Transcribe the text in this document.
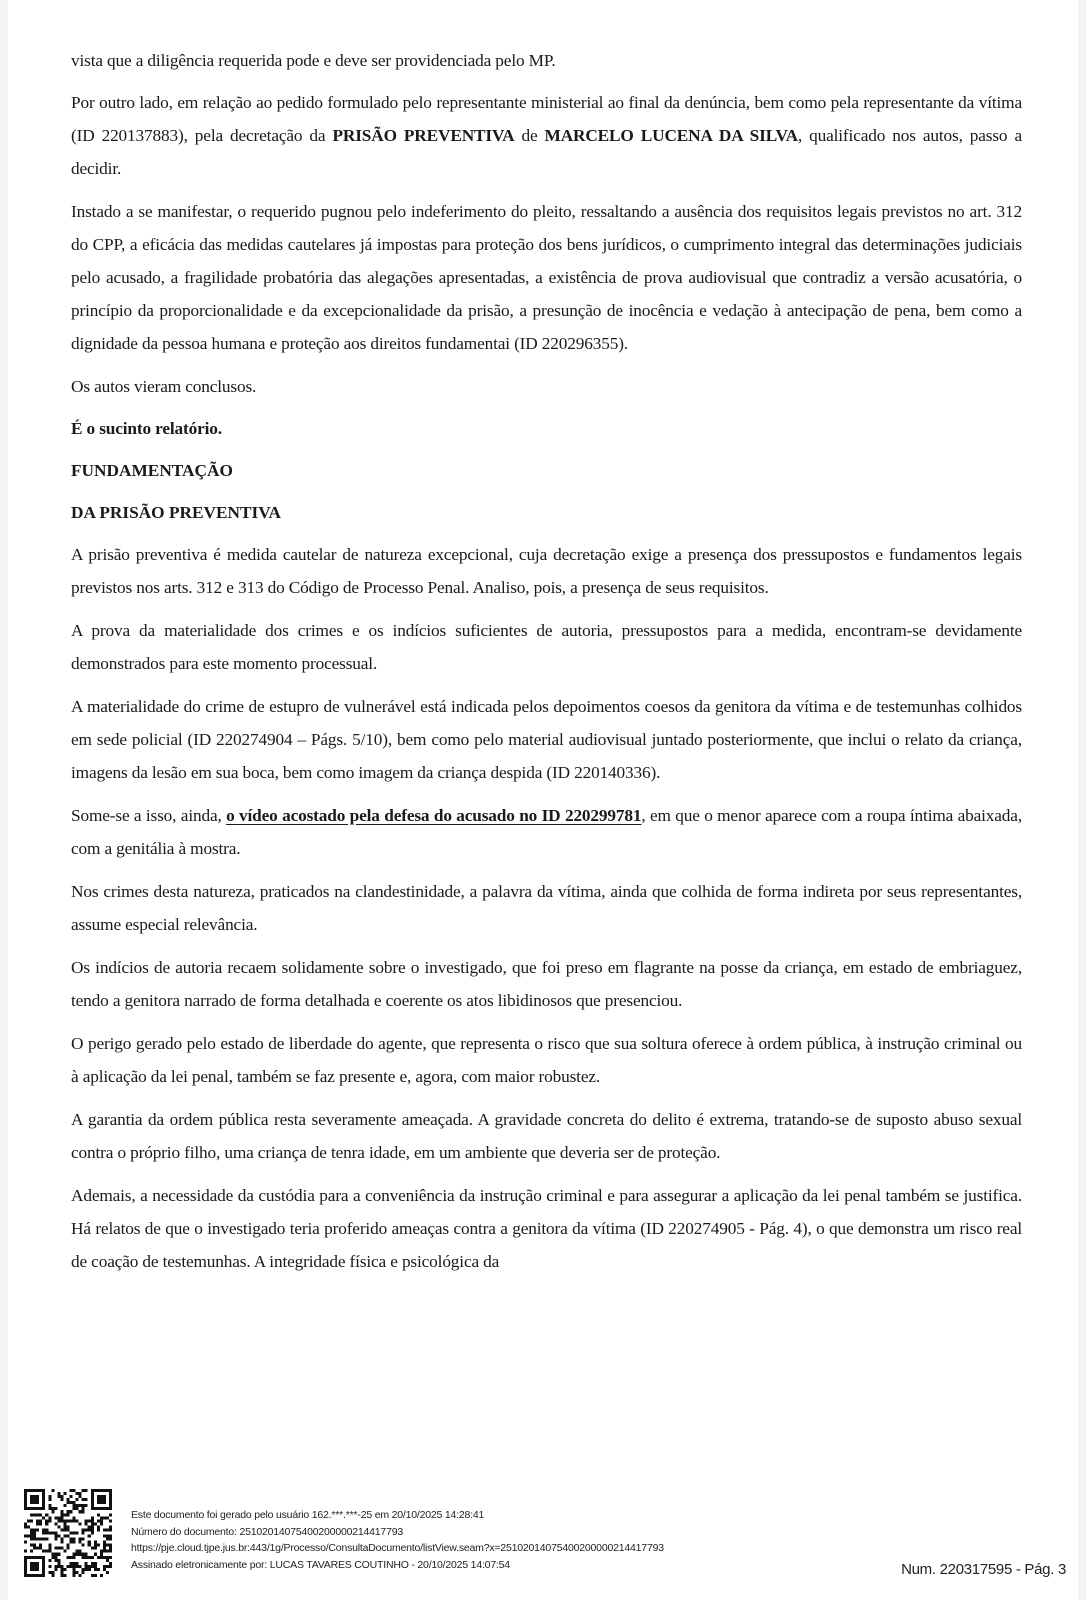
vista que a diligência requerida pode e deve ser providenciada pelo MP.

Por outro lado, em relação ao pedido formulado pelo representante ministerial ao final da denúncia, bem como pela representante da vítima (ID 220137883), pela decretação da PRISÃO PREVENTIVA de MARCELO LUCENA DA SILVA, qualificado nos autos, passo a decidir.

Instado a se manifestar, o requerido pugnou pelo indeferimento do pleito, ressaltando a ausência dos requisitos legais previstos no art. 312 do CPP, a eficácia das medidas cautelares já impostas para proteção dos bens jurídicos, o cumprimento integral das determinações judiciais pelo acusado, a fragilidade probatória das alegações apresentadas, a existência de prova audiovisual que contradiz a versão acusatória, o princípio da proporcionalidade e da excepcionalidade da prisão, a presunção de inocência e vedação à antecipação de pena, bem como a dignidade da pessoa humana e proteção aos direitos fundamentai (ID 220296355).

Os autos vieram conclusos.

É o sucinto relatório.

FUNDAMENTAÇÃO
DA PRISÃO PREVENTIVA

A prisão preventiva é medida cautelar de natureza excepcional, cuja decretação exige a presença dos pressupostos e fundamentos legais previstos nos arts. 312 e 313 do Código de Processo Penal. Analiso, pois, a presença de seus requisitos.

A prova da materialidade dos crimes e os indícios suficientes de autoria, pressupostos para a medida, encontram-se devidamente demonstrados para este momento processual.

A materialidade do crime de estupro de vulnerável está indicada pelos depoimentos coesos da genitora da vítima e de testemunhas colhidos em sede policial (ID 220274904 – Págs. 5/10), bem como pelo material audiovisual juntado posteriormente, que inclui o relato da criança, imagens da lesão em sua boca, bem como imagem da criança despida (ID 220140336).

Some-se a isso, ainda, o vídeo acostado pela defesa do acusado no ID 220299781, em que o menor aparece com a roupa íntima abaixada, com a genitália à mostra.

Nos crimes desta natureza, praticados na clandestinidade, a palavra da vítima, ainda que colhida de forma indireta por seus representantes, assume especial relevância.

Os indícios de autoria recaem solidamente sobre o investigado, que foi preso em flagrante na posse da criança, em estado de embriaguez, tendo a genitora narrado de forma detalhada e coerente os atos libidinosos que presenciou.

O perigo gerado pelo estado de liberdade do agente, que representa o risco que sua soltura oferece à ordem pública, à instrução criminal ou à aplicação da lei penal, também se faz presente e, agora, com maior robustez.

A garantia da ordem pública resta severamente ameaçada. A gravidade concreta do delito é extrema, tratando-se de suposto abuso sexual contra o próprio filho, uma criança de tenra idade, em um ambiente que deveria ser de proteção.

Ademais, a necessidade da custódia para a conveniência da instrução criminal e para assegurar a aplicação da lei penal também se justifica. Há relatos de que o investigado teria proferido ameaças contra a genitora da vítima (ID 220274905 - Pág. 4), o que demonstra um risco real de coação de testemunhas. A integridade física e psicológica da

Este documento foi gerado pelo usuário 162.***.***-25 em 20/10/2025 14:28:41
Número do documento: 25102014075400200000214417793
https://pje.cloud.tjpe.jus.br:443/1g/Processo/ConsultaDocumento/listView.seam?x=25102014075400200000214417793
Assinado eletronicamente por: LUCAS TAVARES COUTINHO - 20/10/2025 14:07:54	Num. 220317595 - Pág. 3
